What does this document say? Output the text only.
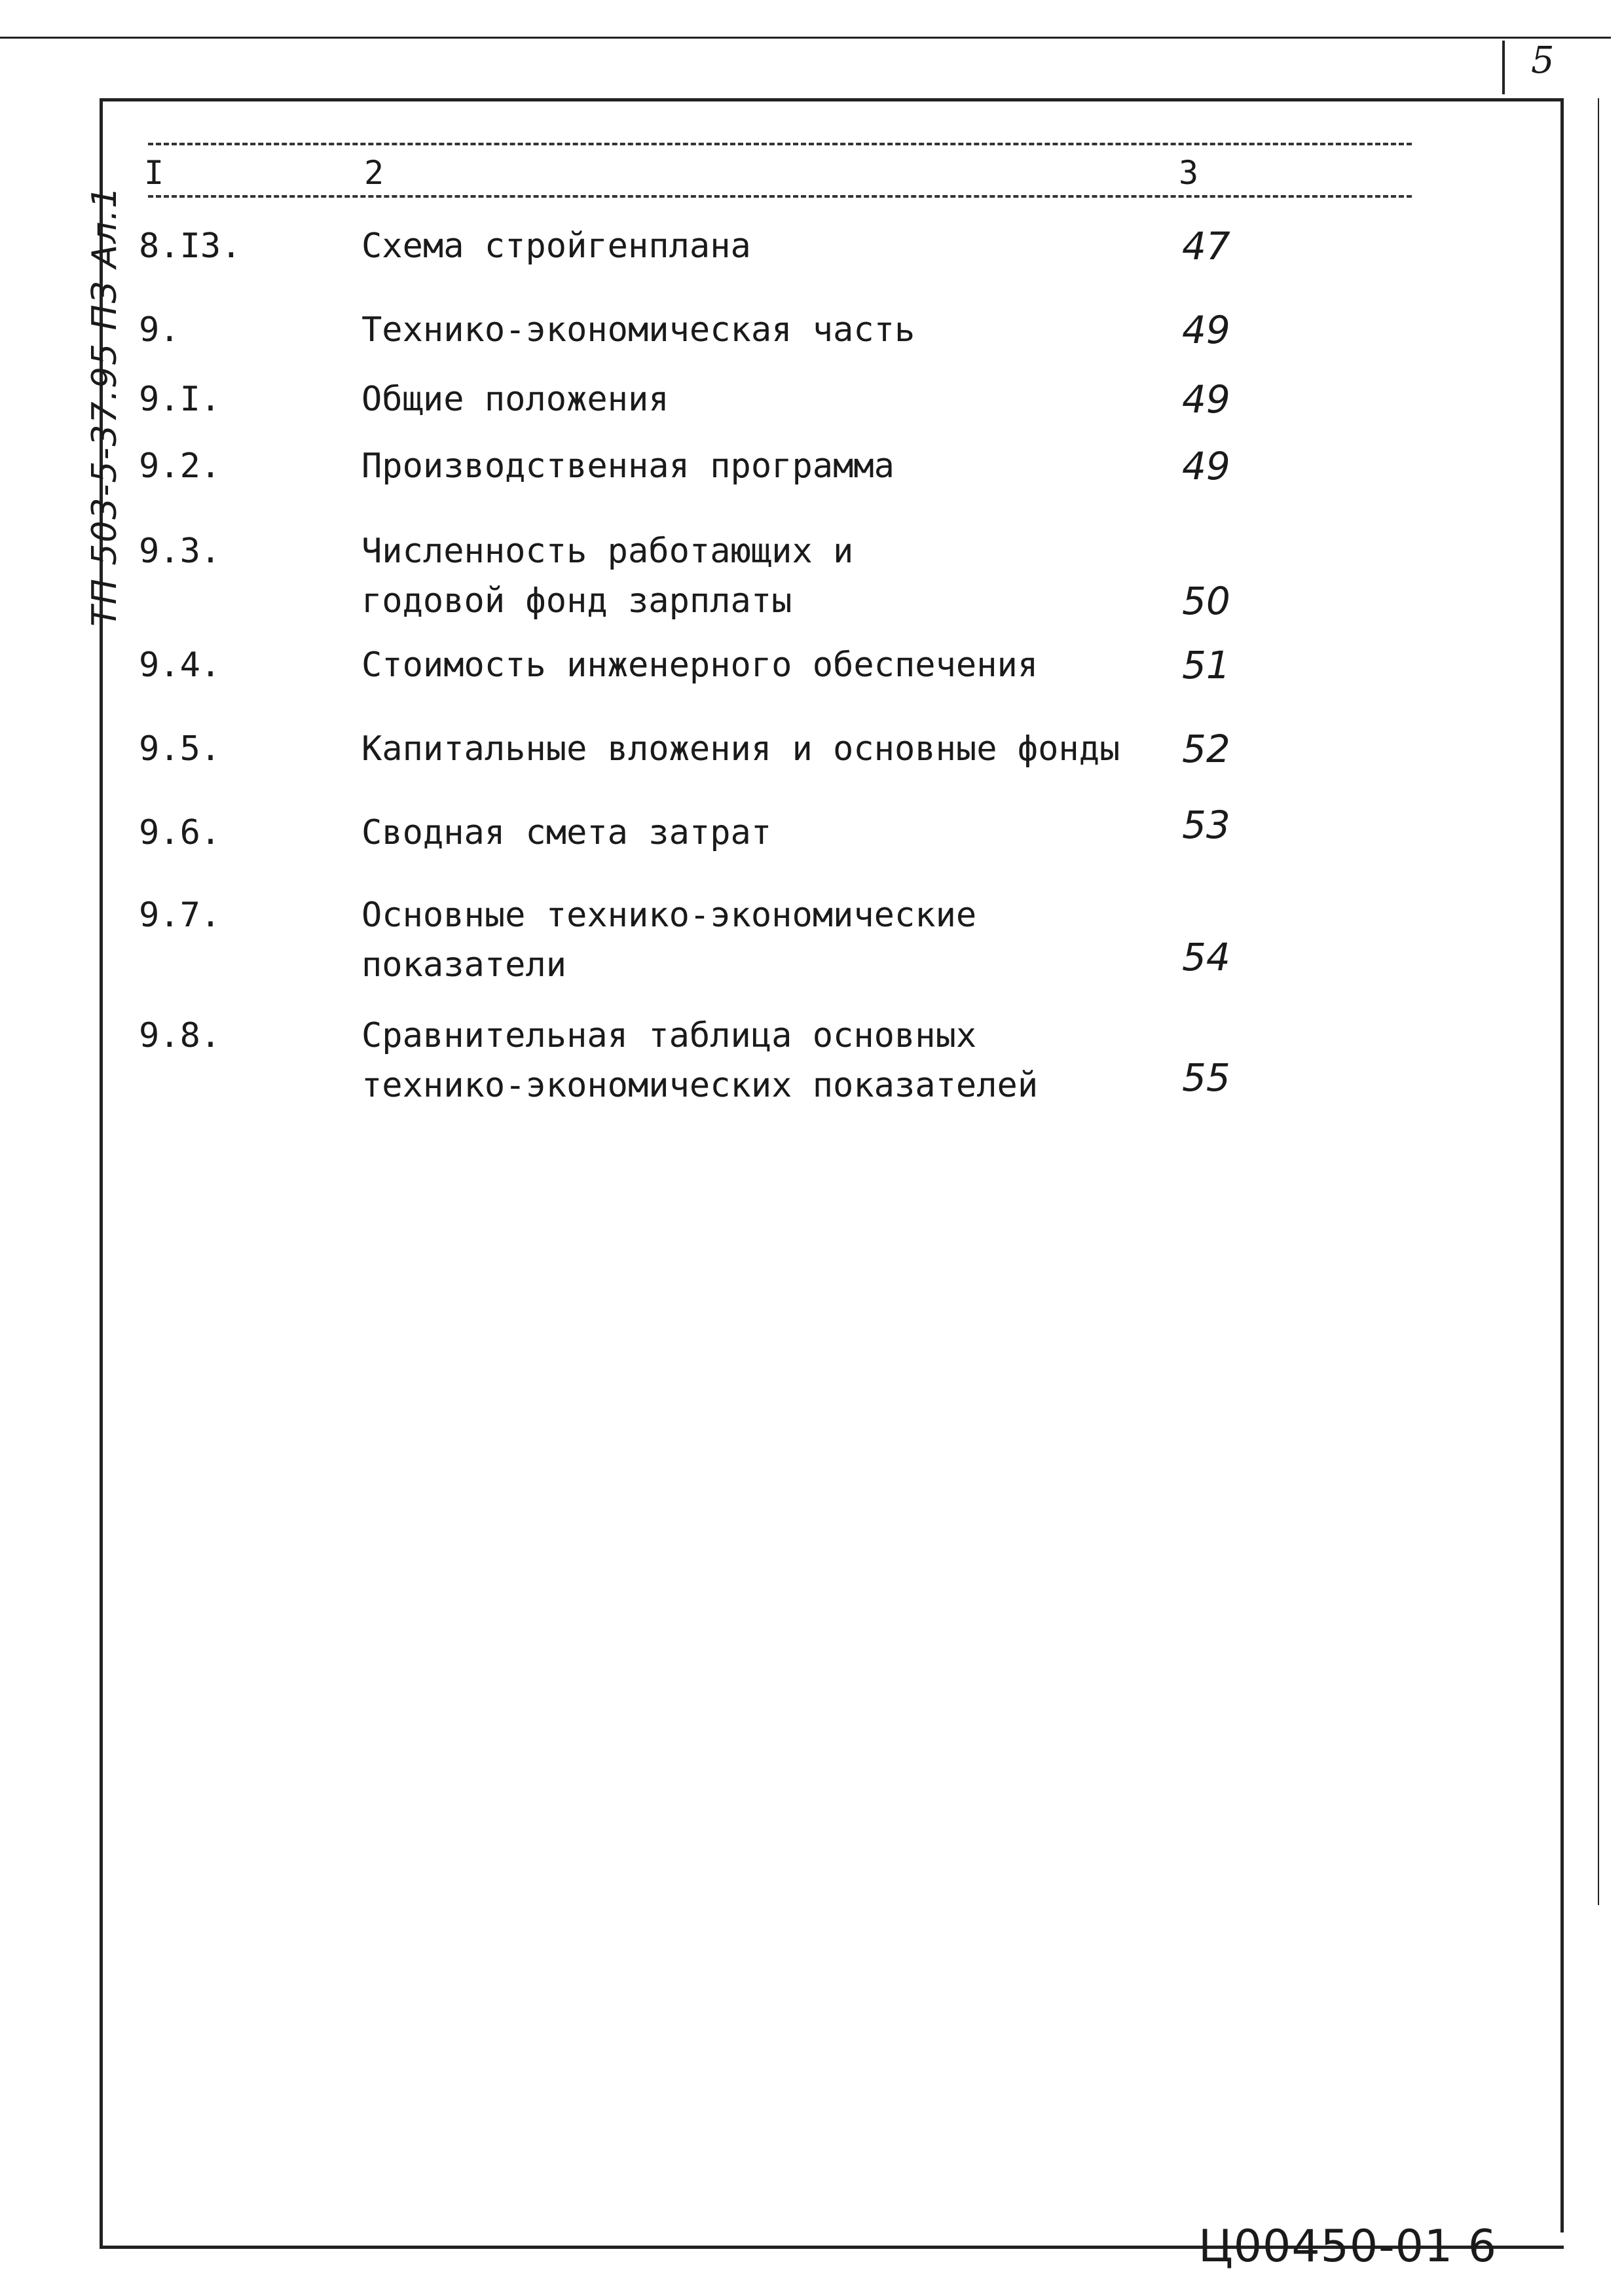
5
ТП 503-5-37.95 ПЗ Ал.1
I	2	3
8.I3.	Схема стройгенплана	47
9.	Технико-экономическая часть	49
9.I.	Общие положения	49
9.2.	Производственная программа	49
9.3.	Численность работающих и
годовой фонд зарплаты	50
9.4.	Стоимость инженерного обеспечения	51
9.5.	Капитальные вложения и основные фонды	52
9.6.	Сводная смета затрат	53
9.7.	Основные технико-экономические
показатели	54
9.8.	Сравнительная таблица основных
технико-экономических показателей	55
Ц00450-01 6
